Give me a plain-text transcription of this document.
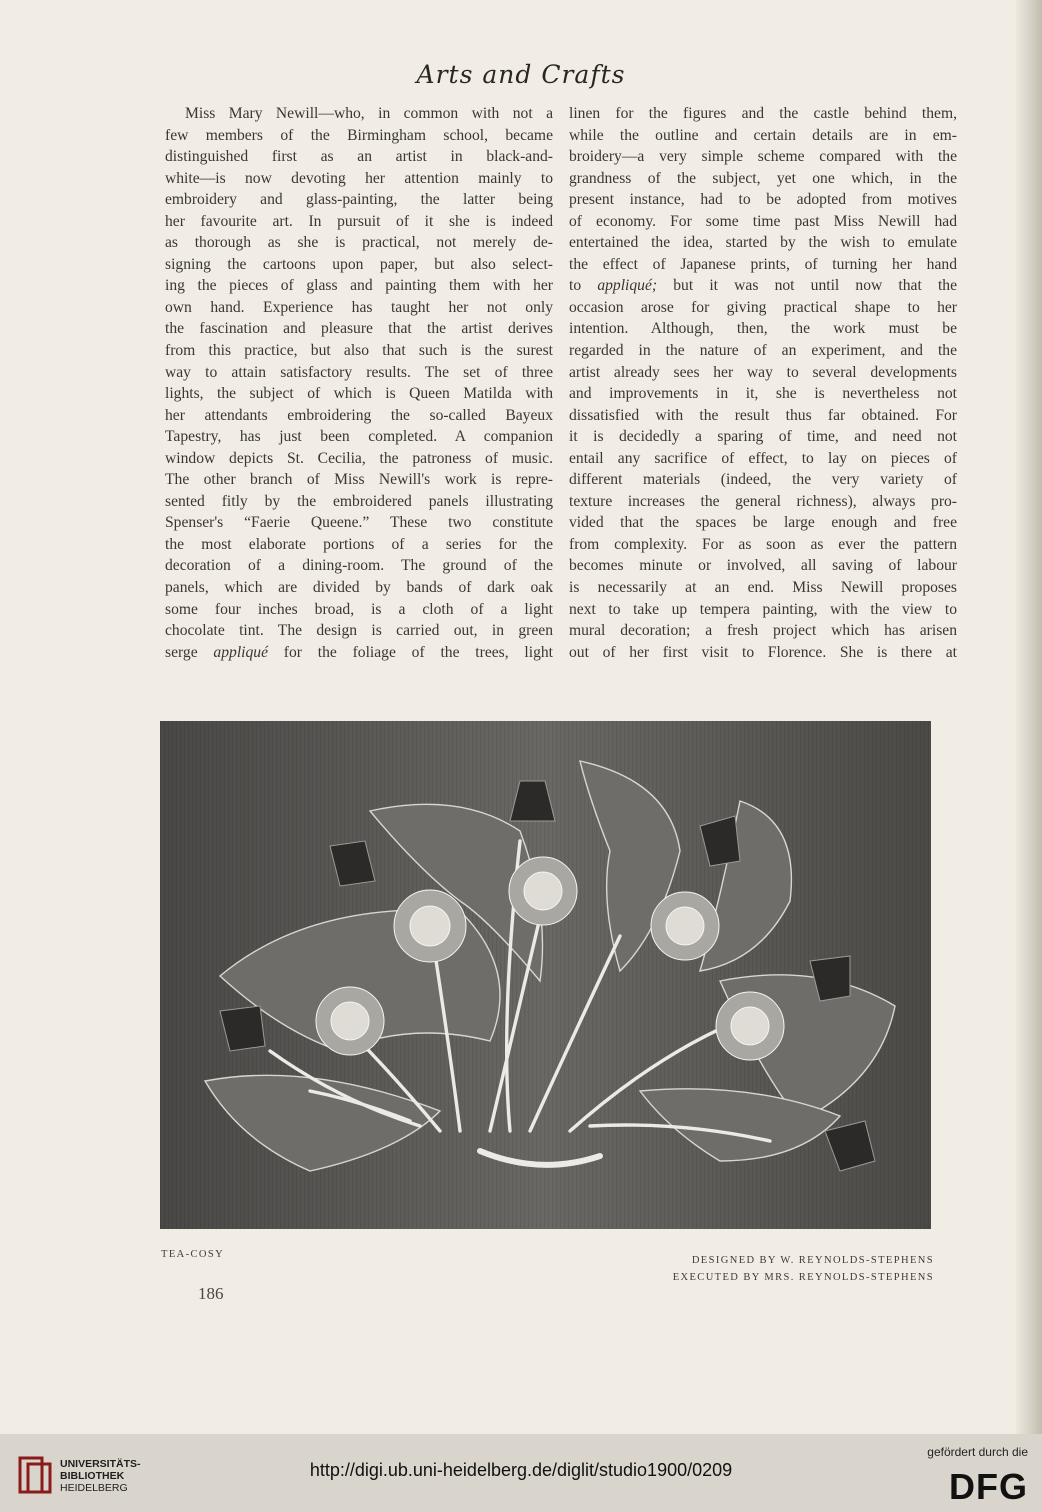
Arts and Crafts
Miss Mary Newill—who, in common with not a
few members of the Birmingham school, became
distinguished first as an artist in black-and-
white—is now devoting her attention mainly to
embroidery and glass-painting, the latter being
her favourite art. In pursuit of it she is indeed
as thorough as she is practical, not merely de-
signing the cartoons upon paper, but also select-
ing the pieces of glass and painting them with her
own hand. Experience has taught her not only
the fascination and pleasure that the artist derives
from this practice, but also that such is the surest
way to attain satisfactory results. The set of three
lights, the subject of which is Queen Matilda with
her attendants embroidering the so-called Bayeux
Tapestry, has just been completed. A companion
window depicts St. Cecilia, the patroness of music.
The other branch of Miss Newill's work is repre-
sented fitly by the embroidered panels illustrating
Spenser's “Faerie Queene.” These two constitute
the most elaborate portions of a series for the
decoration of a dining-room. The ground of the
panels, which are divided by bands of dark oak
some four inches broad, is a cloth of a light
chocolate tint. The design is carried out, in green
serge appliqué for the foliage of the trees, light
linen for the figures and the castle behind them,
while the outline and certain details are in em-
broidery—a very simple scheme compared with the
grandness of the subject, yet one which, in the
present instance, had to be adopted from motives
of economy. For some time past Miss Newill had
entertained the idea, started by the wish to emulate
the effect of Japanese prints, of turning her hand
to appliqué; but it was not until now that the
occasion arose for giving practical shape to her
intention. Although, then, the work must be
regarded in the nature of an experiment, and the
artist already sees her way to several developments
and improvements in it, she is nevertheless not
dissatisfied with the result thus far obtained. For
it is decidedly a sparing of time, and need not
entail any sacrifice of effect, to lay on pieces of
different materials (indeed, the very variety of
texture increases the general richness), always pro-
vided that the spaces be large enough and free
from complexity. For as soon as ever the pattern
becomes minute or involved, all saving of labour
is necessarily at an end. Miss Newill proposes
next to take up tempera painting, with the view to
mural decoration; a fresh project which has arisen
out of her first visit to Florence. She is there at
TEA-COSY
DESIGNED BY W. REYNOLDS-STEPHENS
EXECUTED BY MRS. REYNOLDS-STEPHENS
186
UNIVERSITÄTS-
BIBLIOTHEK
HEIDELBERG
http://digi.ub.uni-heidelberg.de/diglit/studio1900/0209
gefördert durch die
DFG
